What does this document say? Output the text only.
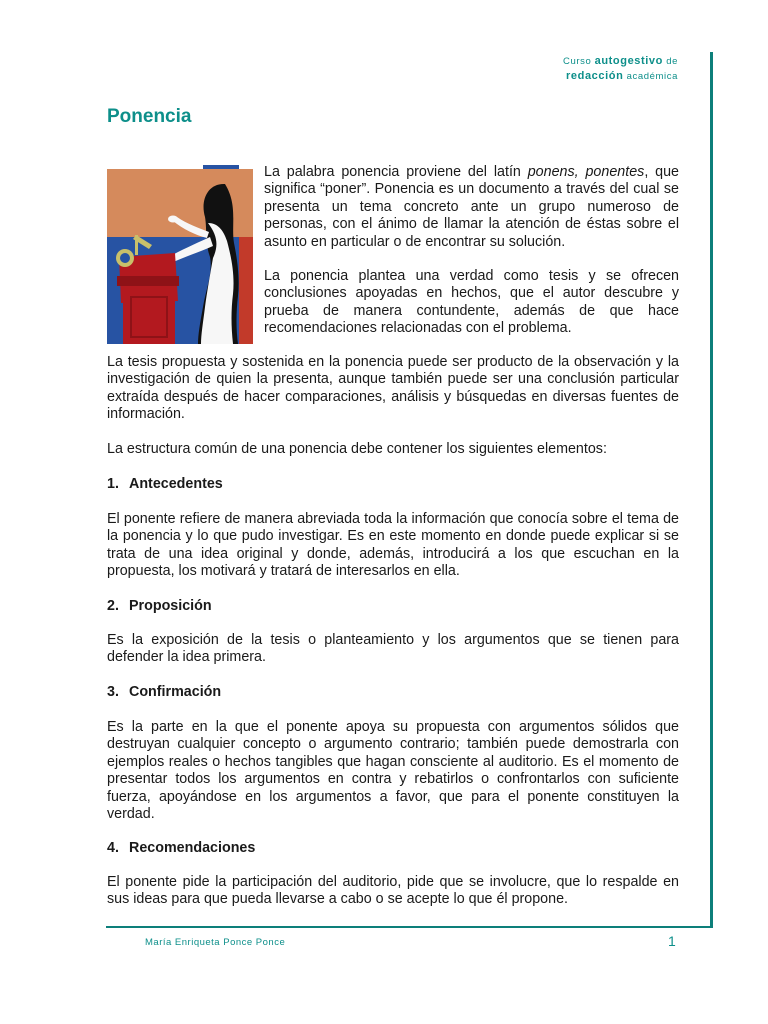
Curso autogestivo de
redacción académica
Ponencia

La palabra ponencia proviene del latín ponens, ponentes, que significa “poner”. Ponencia es un documento a través del cual se presenta un tema concreto ante un grupo numeroso de personas, con el ánimo de llamar la atención de éstas sobre el asunto en particular o de encontrar su solución.

La ponencia plantea una verdad como tesis y se ofrecen conclusiones apoyadas en hechos, que el autor descubre y prueba de manera contundente, además de que hace recomendaciones relacionadas con el problema.

La tesis propuesta y sostenida en la ponencia puede ser producto de la observación y la investigación de quien la presenta, aunque también puede ser una conclusión particular extraída después de hacer comparaciones, análisis y búsquedas en diversas fuentes de información.

La estructura común de una ponencia debe contener los siguientes elementos:

1. Antecedentes

El ponente refiere de manera abreviada toda la información que conocía sobre el tema de la ponencia y lo que pudo investigar. Es en este momento en donde puede explicar si se trata de una idea original y donde, además, introducirá a los que escuchan en la propuesta, los motivará y tratará de interesarlos en ella.

2. Proposición

Es la exposición de la tesis o planteamiento y los argumentos que se tienen para defender la idea primera.

3. Confirmación

Es la parte en la que el ponente apoya su propuesta con argumentos sólidos que destruyan cualquier concepto o argumento contrario; también puede demostrarla con ejemplos reales o hechos tangibles que hagan consciente al auditorio. Es el momento de presentar todos los argumentos en contra y rebatirlos o confrontarlos con suficiente fuerza, apoyándose en los argumentos a favor, que para el ponente constituyen la verdad.

4. Recomendaciones

El ponente pide la participación del auditorio, pide que se involucre, que lo respalde en sus ideas para que pueda llevarse a cabo o se acepte lo que él propone.

María Enriqueta Ponce Ponce	1
